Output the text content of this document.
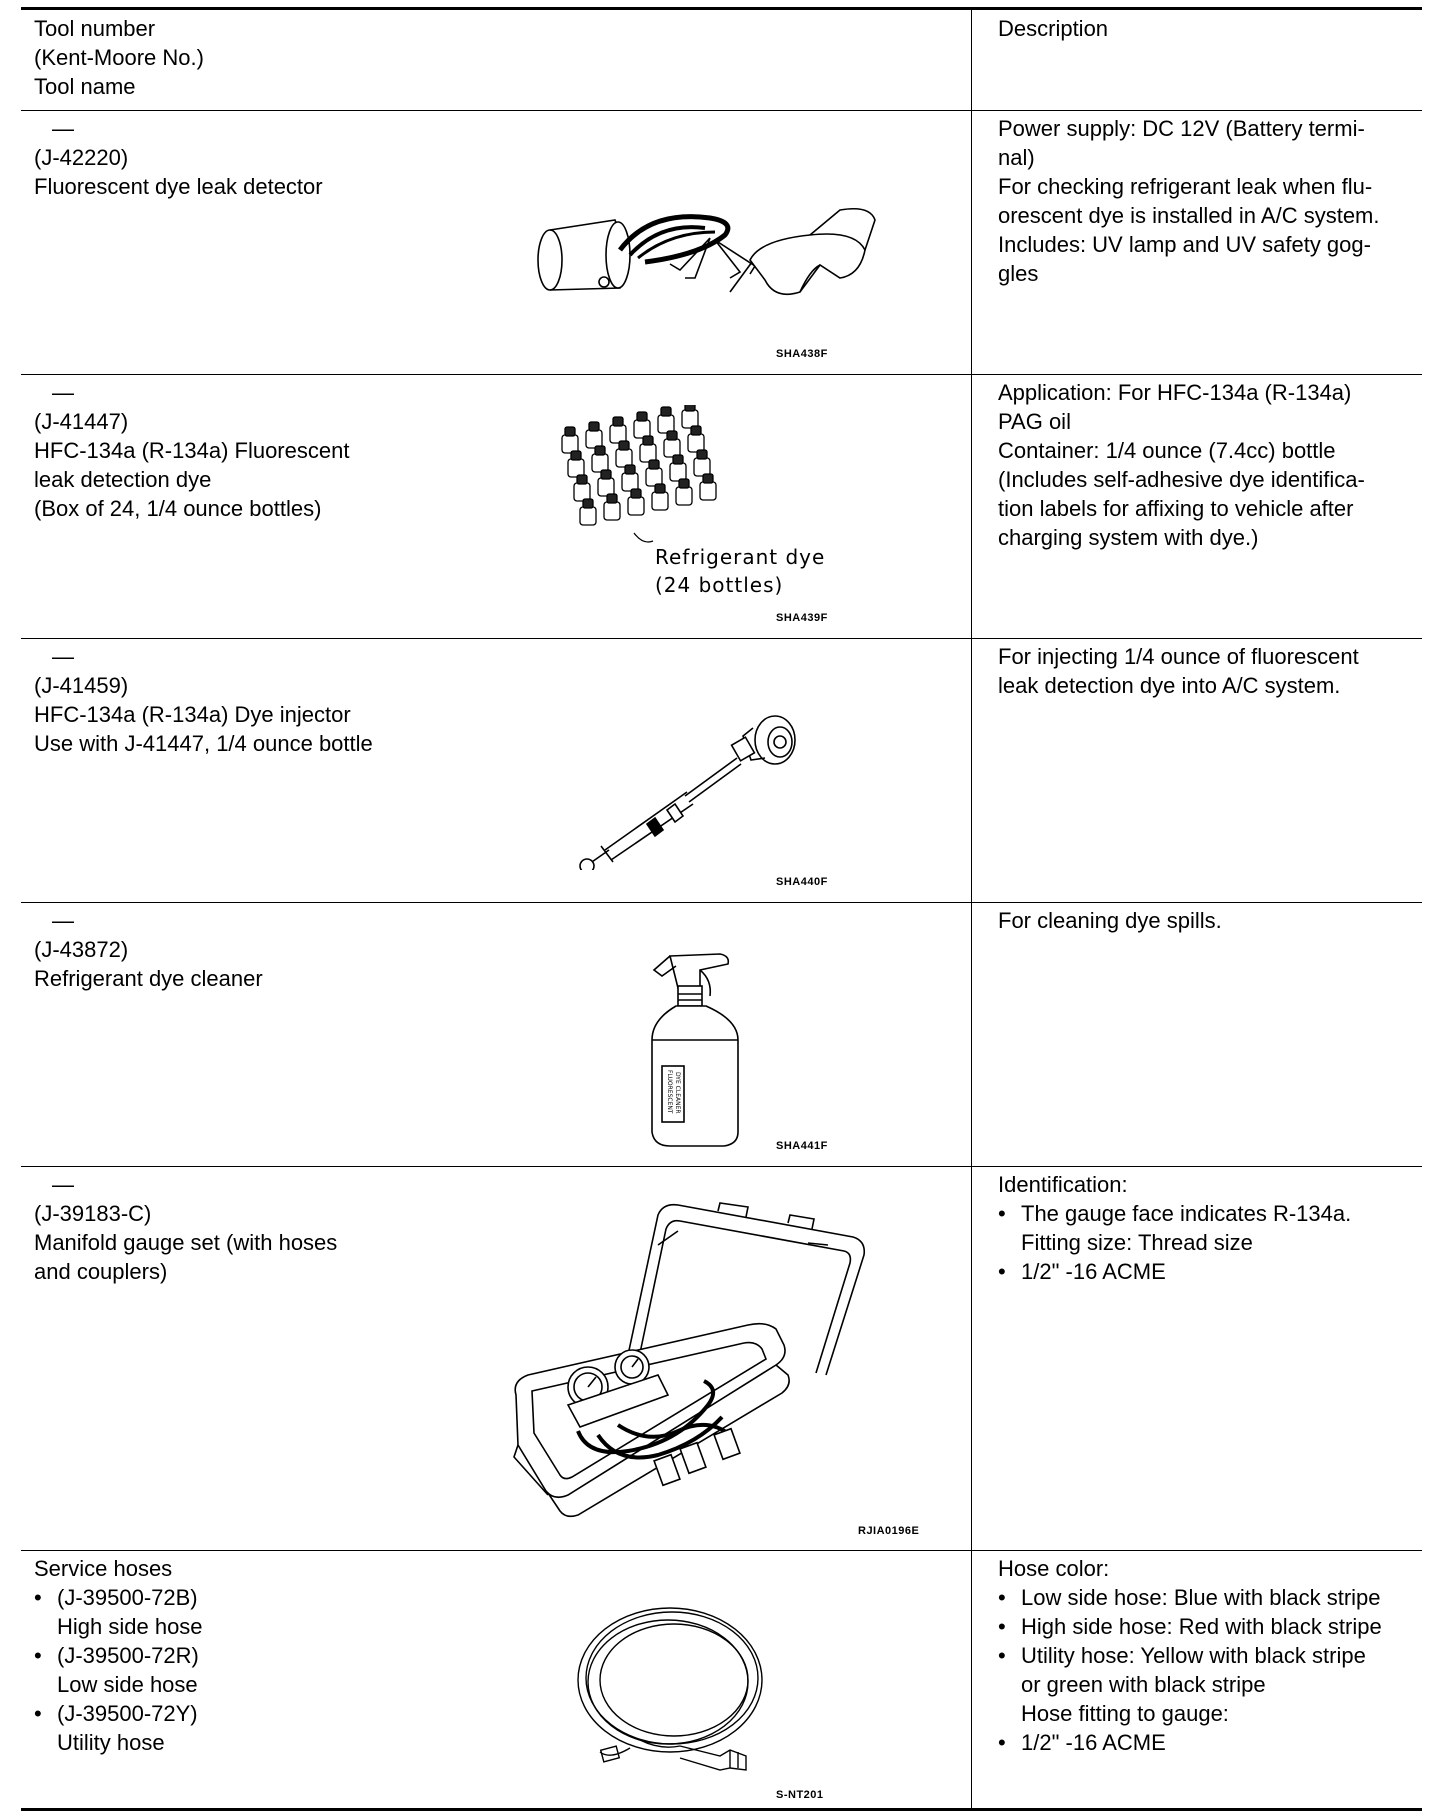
Tool number
(Kent-Moore No.)
Tool name
Description
—
(J-42220)
Fluorescent dye leak detector
SHA438F
Power supply: DC 12V (Battery termi-
nal)
For checking refrigerant leak when flu-
orescent dye is installed in A/C system.
Includes: UV lamp and UV safety gog-
gles
—
(J-41447)
HFC-134a (R-134a) Fluorescent
leak detection dye
(Box of 24, 1/4 ounce bottles)
Refrigerant dye
(24 bottles)
SHA439F
Application: For HFC-134a (R-134a)
PAG oil
Container: 1/4 ounce (7.4cc) bottle
(Includes self-adhesive dye identifica-
tion labels for affixing to vehicle after
charging system with dye.)
—
(J-41459)
HFC-134a (R-134a) Dye injector
Use with J-41447, 1/4 ounce bottle
SHA440F
For injecting 1/4 ounce of fluorescent
leak detection dye into A/C system.
—
(J-43872)
Refrigerant dye cleaner
FLUORESCENT DYE CLEANER
SHA441F
For cleaning dye spills.
—
(J-39183-C)
Manifold gauge set (with hoses
and couplers)
RJIA0196E
Identification:
• The gauge face indicates R-134a.
Fitting size: Thread size
• 1/2" -16 ACME
Service hoses
• (J-39500-72B)
High side hose
• (J-39500-72R)
Low side hose
• (J-39500-72Y)
Utility hose
S-NT201
Hose color:
• Low side hose: Blue with black stripe
• High side hose: Red with black stripe
• Utility hose: Yellow with black stripe
or green with black stripe
Hose fitting to gauge:
• 1/2" -16 ACME
